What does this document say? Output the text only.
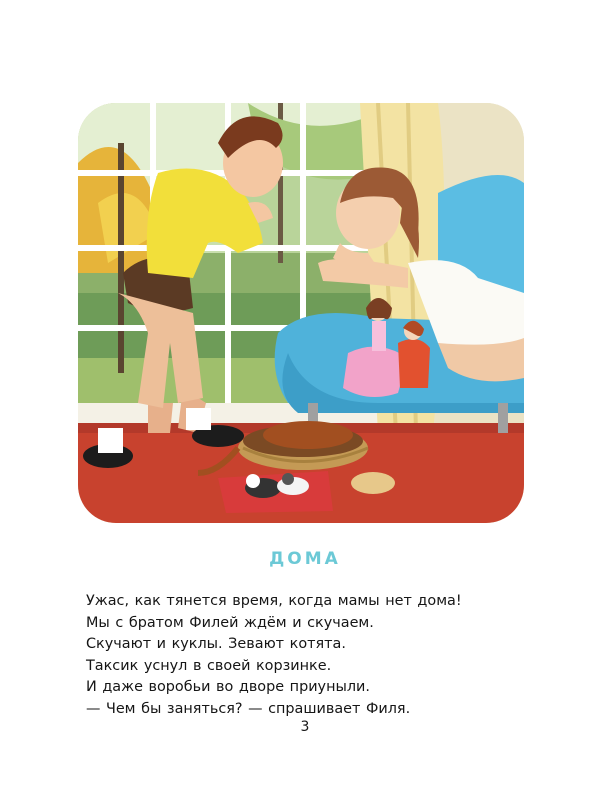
ДОМА
Ужас, как тянется время, когда мамы нет дома!
Мы с братом Филей ждём и скучаем.
Скучают и куклы. Зевают котята.
Таксик уснул в своей корзинке.
И даже воробьи во дворе приуныли.
— Чем бы заняться? — спрашивает Филя.
3
